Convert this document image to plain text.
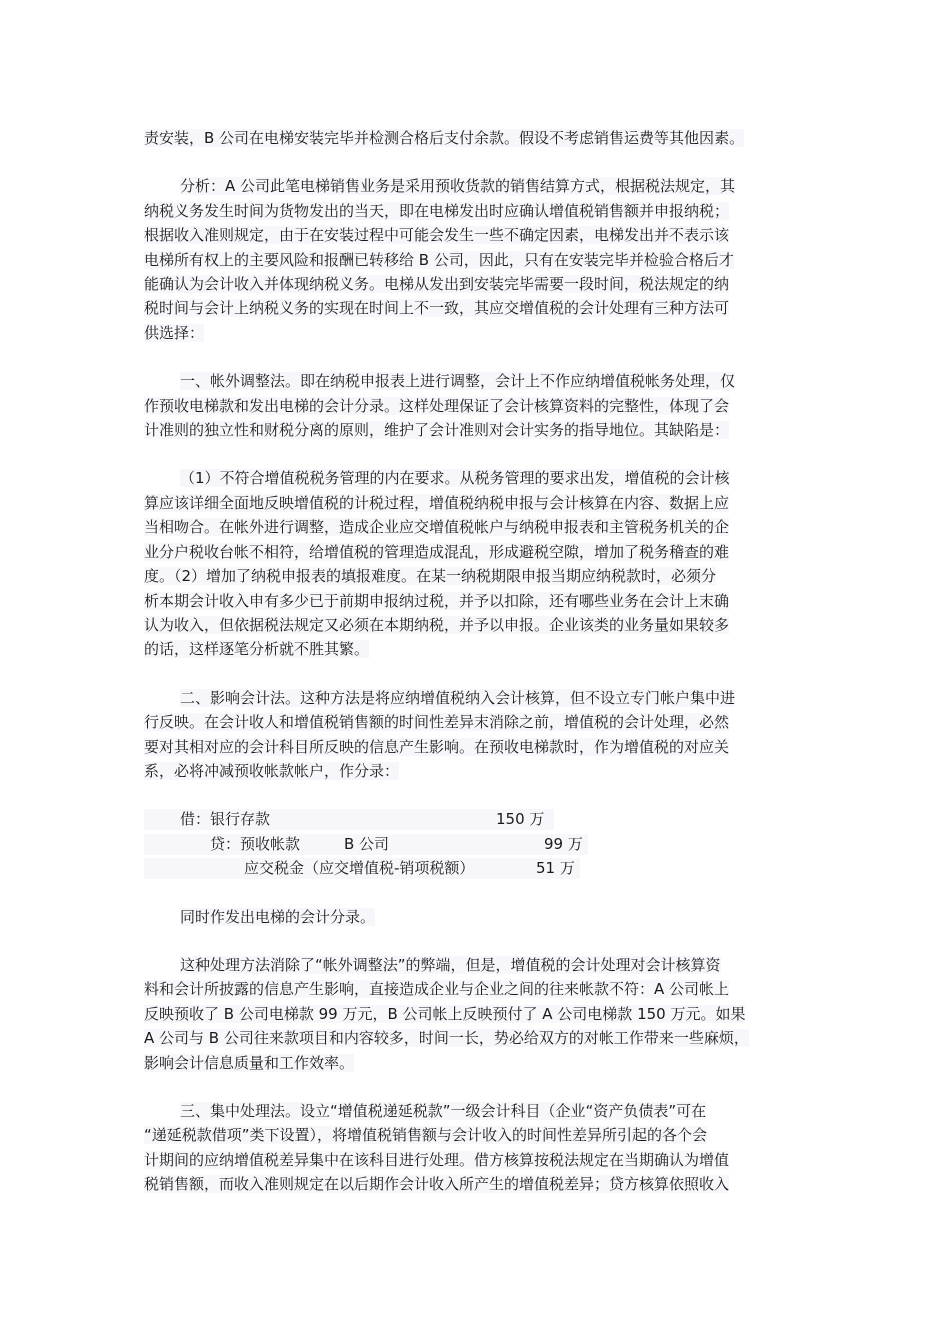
责安装，B 公司在电梯安装完毕并检测合格后支付余款。假设不考虑销售运费等其他因素。

分析：A 公司此笔电梯销售业务是采用预收货款的销售结算方式，根据税法规定，其

纳税义务发生时间为货物发出的当天，即在电梯发出时应确认增值税销售额并申报纳税；

根据收入准则规定，由于在安装过程中可能会发生一些不确定因素，电梯发出并不表示该

电梯所有权上的主要风险和报酬已转移给 B 公司，因此，只有在安装完毕并检验合格后才

能确认为会计收入并体现纳税义务。电梯从发出到安装完毕需要一段时间，税法规定的纳

税时间与会计上纳税义务的实现在时间上不一致，其应交增值税的会计处理有三种方法可

供选择：

一、帐外调整法。即在纳税申报表上进行调整，会计上不作应纳增值税帐务处理，仅

作预收电梯款和发出电梯的会计分录。这样处理保证了会计核算资料的完整性，体现了会

计准则的独立性和财税分离的原则，维护了会计准则对会计实务的指导地位。其缺陷是：

（1）不符合增值税税务管理的内在要求。从税务管理的要求出发，增值税的会计核

算应该详细全面地反映增值税的计税过程，增值税纳税申报与会计核算在内容、数据上应

当相吻合。在帐外进行调整，造成企业应交增值税帐户与纳税申报表和主管税务机关的企

业分户税收台帐不相符，给增值税的管理造成混乱，形成避税空隙，增加了税务稽查的难

度。（2）增加了纳税申报表的填报难度。在某一纳税期限申报当期应纳税款时，必须分

析本期会计收入申有多少已于前期申报纳过税，并予以扣除，还有哪些业务在会计上末确

认为收入，但依据税法规定又必须在本期纳税，并予以申报。企业该类的业务量如果较多

的话，这样逐笔分析就不胜其繁。

二、影响会计法。这种方法是将应纳增值税纳入会计核算，但不设立专门帐户集中进

行反映。在会计收人和增值税销售额的时间性差异末消除之前，增值税的会计处理，必然

要对其相对应的会计科目所反映的信息产生影响。在预收电梯款时，作为增值税的对应关

系，必将冲减预收帐款帐户，作分录：

借：银行存款	150 万
贷：预收帐款	B 公司	99 万
应交税金（应交增值税-销项税额）	51 万

同时作发出电梯的会计分录。

这种处理方法消除了“帐外调整法”的弊端，但是，增值税的会计处理对会计核算资

料和会计所披露的信息产生影响，直接造成企业与企业之间的往来帐款不符：A 公司帐上

反映预收了 B 公司电梯款 99 万元，B 公司帐上反映预付了 A 公司电梯款 150 万元。如果

A 公司与 B 公司往来款项目和内容较多，时间一长，势必给双方的对帐工作带来一些麻烦，

影响会计信息质量和工作效率。

三、集中处理法。设立“增值税递延税款”一级会计科目（企业“资产负债表”可在

“递延税款借项”类下设置），将增值税销售额与会计收入的时间性差异所引起的各个会

计期间的应纳增值税差异集中在该科目进行处理。借方核算按税法规定在当期确认为增值

税销售额，而收入准则规定在以后期作会计收入所产生的增值税差异；贷方核算依照收入
